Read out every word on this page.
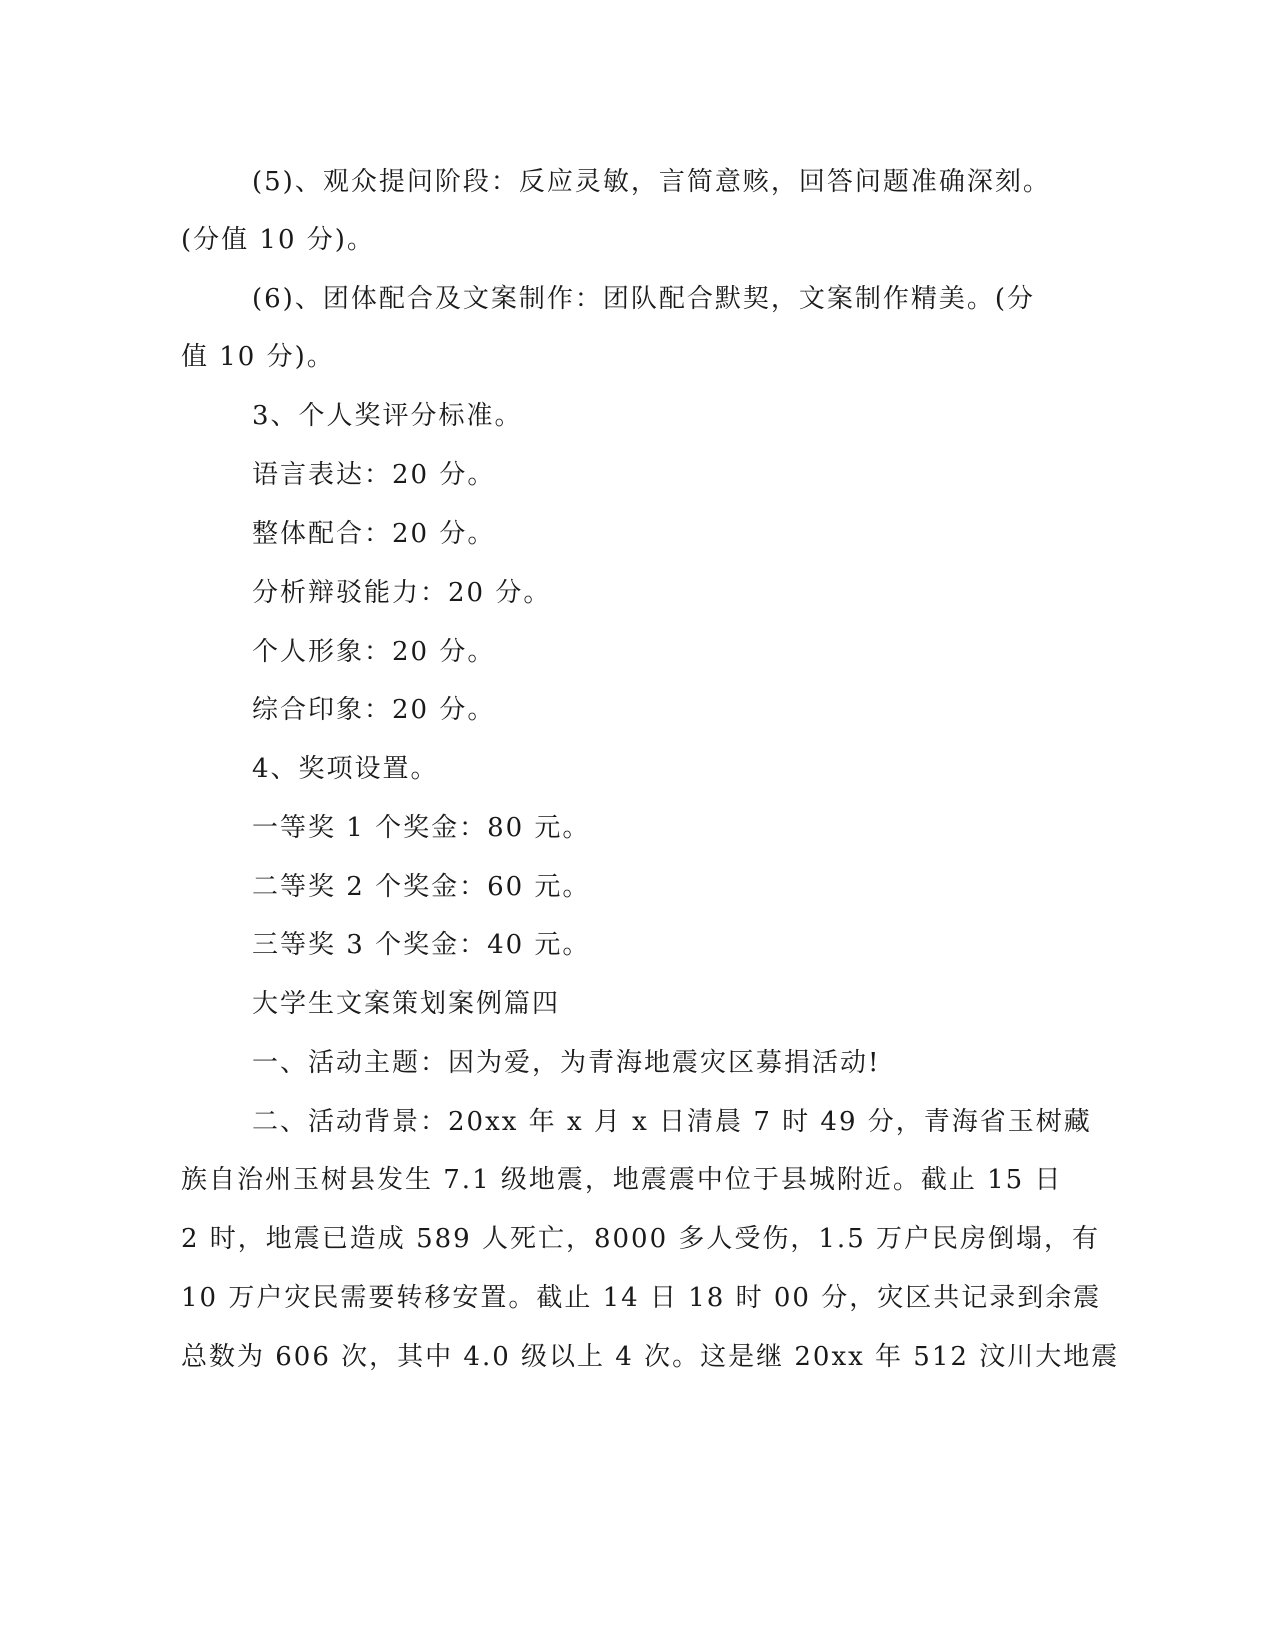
(5)、观众提问阶段：反应灵敏，言简意赅，回答问题准确深刻。

(分值 10 分)。

(6)、团体配合及文案制作：团队配合默契，文案制作精美。(分

值 10 分)。

3、个人奖评分标准。

语言表达：20 分。

整体配合：20 分。

分析辩驳能力：20 分。

个人形象：20 分。

综合印象：20 分。

4、奖项设置。

一等奖 1 个奖金：80 元。

二等奖 2 个奖金：60 元。

三等奖 3 个奖金：40 元。

大学生文案策划案例篇四

一、活动主题：因为爱，为青海地震灾区募捐活动!

二、活动背景：20xx 年 x 月 x 日清晨 7 时 49 分，青海省玉树藏

族自治州玉树县发生 7.1 级地震，地震震中位于县城附近。截止 15 日

2 时，地震已造成 589 人死亡，8000 多人受伤，1.5 万户民房倒塌，有

10 万户灾民需要转移安置。截止 14 日 18 时 00 分，灾区共记录到余震

总数为 606 次，其中 4.0 级以上 4 次。这是继 20xx 年 512 汶川大地震
